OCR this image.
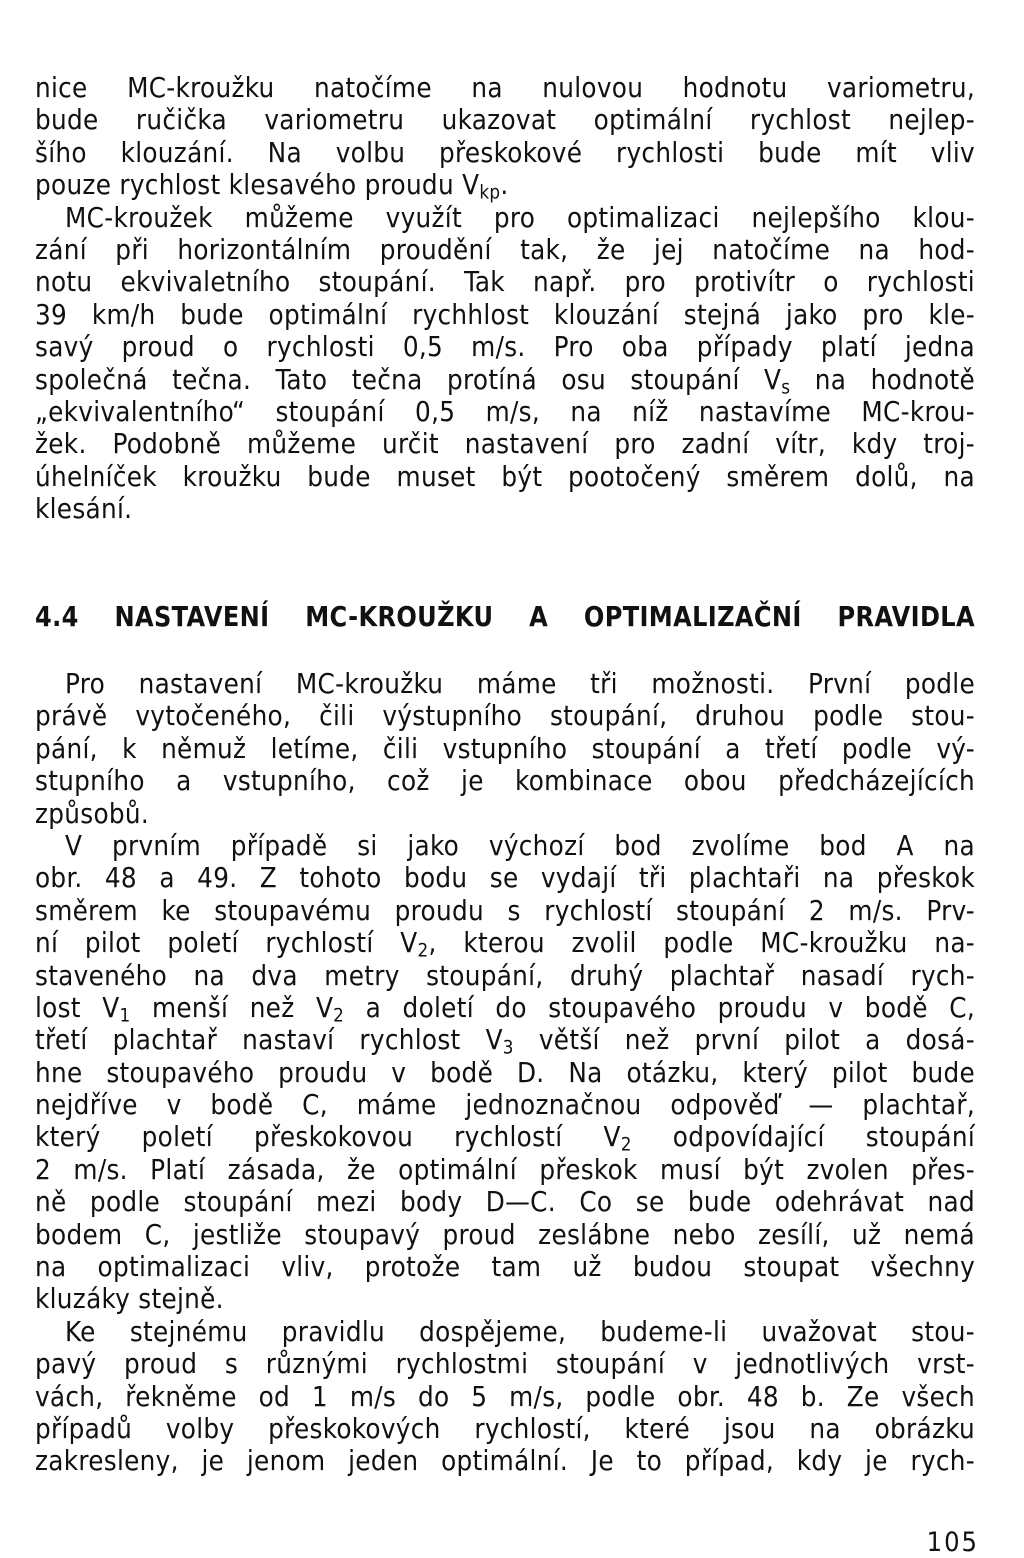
nice MC-kroužku natočíme na nulovou hodnotu variometru,
bude ručička variometru ukazovat optimální rychlost nejlep-
šího klouzání. Na volbu přeskokové rychlosti bude mít vliv
pouze rychlost klesavého proudu $V_{kp}$.
MC-kroužek můžeme využít pro optimalizaci nejlepšího klou-
zání při horizontálním proudění tak, že jej natočíme na hod-
notu ekvivaletního stoupání. Tak např. pro protivítr o rychlosti
39 km/h bude optimální rychhlost klouzání stejná jako pro kle-
savý proud o rychlosti 0,5 m/s. Pro oba případy platí jedna
společná tečna. Tato tečna protíná osu stoupání $V_s$ na hodnotě
„ekvivalentního“ stoupání 0,5 m/s, na níž nastavíme MC-krou-
žek. Podobně můžeme určit nastavení pro zadní vítr, kdy troj-
úhelníček kroužku bude muset být pootočený směrem dolů, na
klesání.
4.4 NASTAVENÍ MC-KROUŽKU A OPTIMALIZAČNÍ PRAVIDLA
Pro nastavení MC-kroužku máme tři možnosti. První podle
právě vytočeného, čili výstupního stoupání, druhou podle stou-
pání, k němuž letíme, čili vstupního stoupání a třetí podle vý-
stupního a vstupního, což je kombinace obou předcházejících
způsobů.
V prvním případě si jako výchozí bod zvolíme bod A na
obr. 48 a 49. Z tohoto bodu se vydají tři plachtaři na přeskok
směrem ke stoupavému proudu s rychlostí stoupání 2 m/s. Prv-
ní pilot poletí rychlostí $V_2$, kterou zvolil podle MC-kroužku na-
staveného na dva metry stoupání, druhý plachtař nasadí rych-
lost $V_1$ menší než $V_2$ a doletí do stoupavého proudu v bodě C,
třetí plachtař nastaví rychlost $V_3$ větší než první pilot a dosá-
hne stoupavého proudu v bodě D. Na otázku, který pilot bude
nejdříve v bodě C, máme jednoznačnou odpověď — plachtař,
který poletí přeskokovou rychlostí $V_2$ odpovídající stoupání
2 m/s. Platí zásada, že optimální přeskok musí být zvolen přes-
ně podle stoupání mezi body D—C. Co se bude odehrávat nad
bodem C, jestliže stoupavý proud zeslábne nebo zesílí, už nemá
na optimalizaci vliv, protože tam už budou stoupat všechny
kluzáky stejně.
Ke stejnému pravidlu dospějeme, budeme-li uvažovat stou-
pavý proud s různými rychlostmi stoupání v jednotlivých vrst-
vách, řekněme od 1 m/s do 5 m/s, podle obr. 48 b. Ze všech
případů volby přeskokových rychlostí, které jsou na obrázku
zakresleny, je jenom jeden optimální. Je to případ, kdy je rych-
105
